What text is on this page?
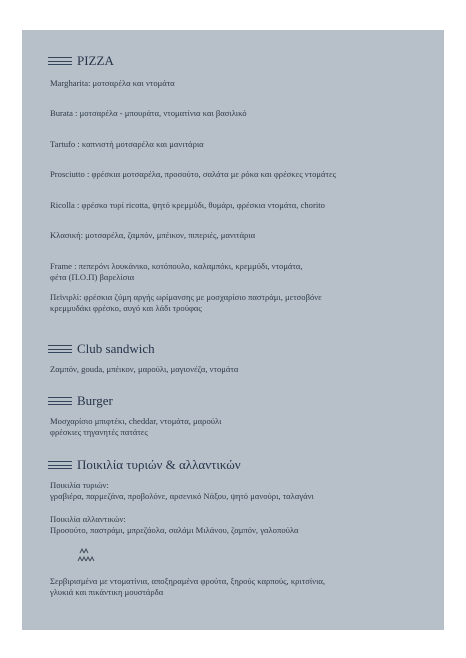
PIZZA
Margharita: μοτσαρέλα και ντομάτα
Burata : μοτσαρέλα - μπουράτα, ντοματίνια και βασιλικό
Tartufo : καπνιστή μοτσαρέλα και μανιτάρια
Prosciutto : φρέσκια μοτσαρέλα, προσούτο, σαλάτα με ρόκα και φρέσκες ντομάτες
Ricolla : φρέσκο τυρί ricotta, ψητό κρεμμύδι, θυμάρι, φρέσκια ντομάτα, chorito
Κλασική: μοτσαρέλα, ζαμπόν, μπέικον, πιπεριές, μανιτάρια
Frame : πεπερόνι λουκάνικο, κοτόπουλο, καλαμπόκι, κρεμμύδι, ντομάτα,
φέτα (Π.Ο.Π) βαρελίσια
Πεϊνιρλί: φρέσκια ζύμη αργής ωρίμανσης με μοσχαρίσιο παστράμι, μετσοβόνε
κρεμμυδάκι φρέσκο, αυγό και λάδι τρούφας
Club sandwich
Ζαμπόν, gouda, μπέικον, μαρούλι, μαγιονέζα, ντομάτα
Burger
Μοσχαρίσιο μπιφτέκι, cheddar, ντομάτα, μαρούλι
φρέσκιες τηγανητές πατάτες
Ποικιλία τυριών & αλλαντικών
Ποικιλία τυριών:
γραβιέρα, παρμεζάνα, προβολόνε, αρσενικό Νάξου, ψητό μανούρι, ταλαγάνι
Ποικιλία αλλαντικών:
Προσούτο, παστράμι, μπρεζάολα, σαλάμι Μιλάνου, ζαμπόν, γαλοπούλα
Σερβιρισμένα με ντοματίνια, αποξηραμένα φρούτα, ξηρούς καρπούς, κριτσίνια,
γλυκιά και πικάντικη μουστάρδα
